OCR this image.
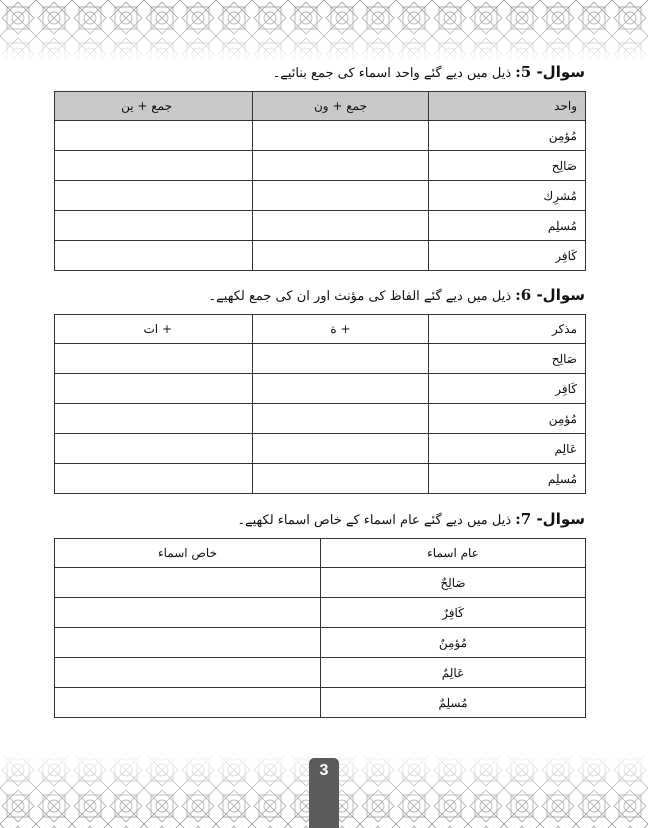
سوال- 5: ذیل میں دیے گئے واحد اسماء کی جمع بنائیے۔
واحد	جمع + ون	جمع + ین
مُؤمِن		
صَالِح		
مُشرِك		
مُسلِم		
کَافِر		
سوال- 6: ذیل میں دیے گئے الفاظ کی مؤنث اور ان کی جمع لکھیے۔
مذکر	+ ة	+ ات
صَالِح		
کَافِر		
مُؤمِن		
عَالِم		
مُسلِم		
سوال- 7: ذیل میں دیے گئے عام اسماء کے خاص اسماء لکھیے۔
عام اسماء	خاص اسماء
صَالِحٌ	
کَافِرٌ	
مُؤمِنٌ	
عَالِمٌ	
مُسلِمٌ	
3
